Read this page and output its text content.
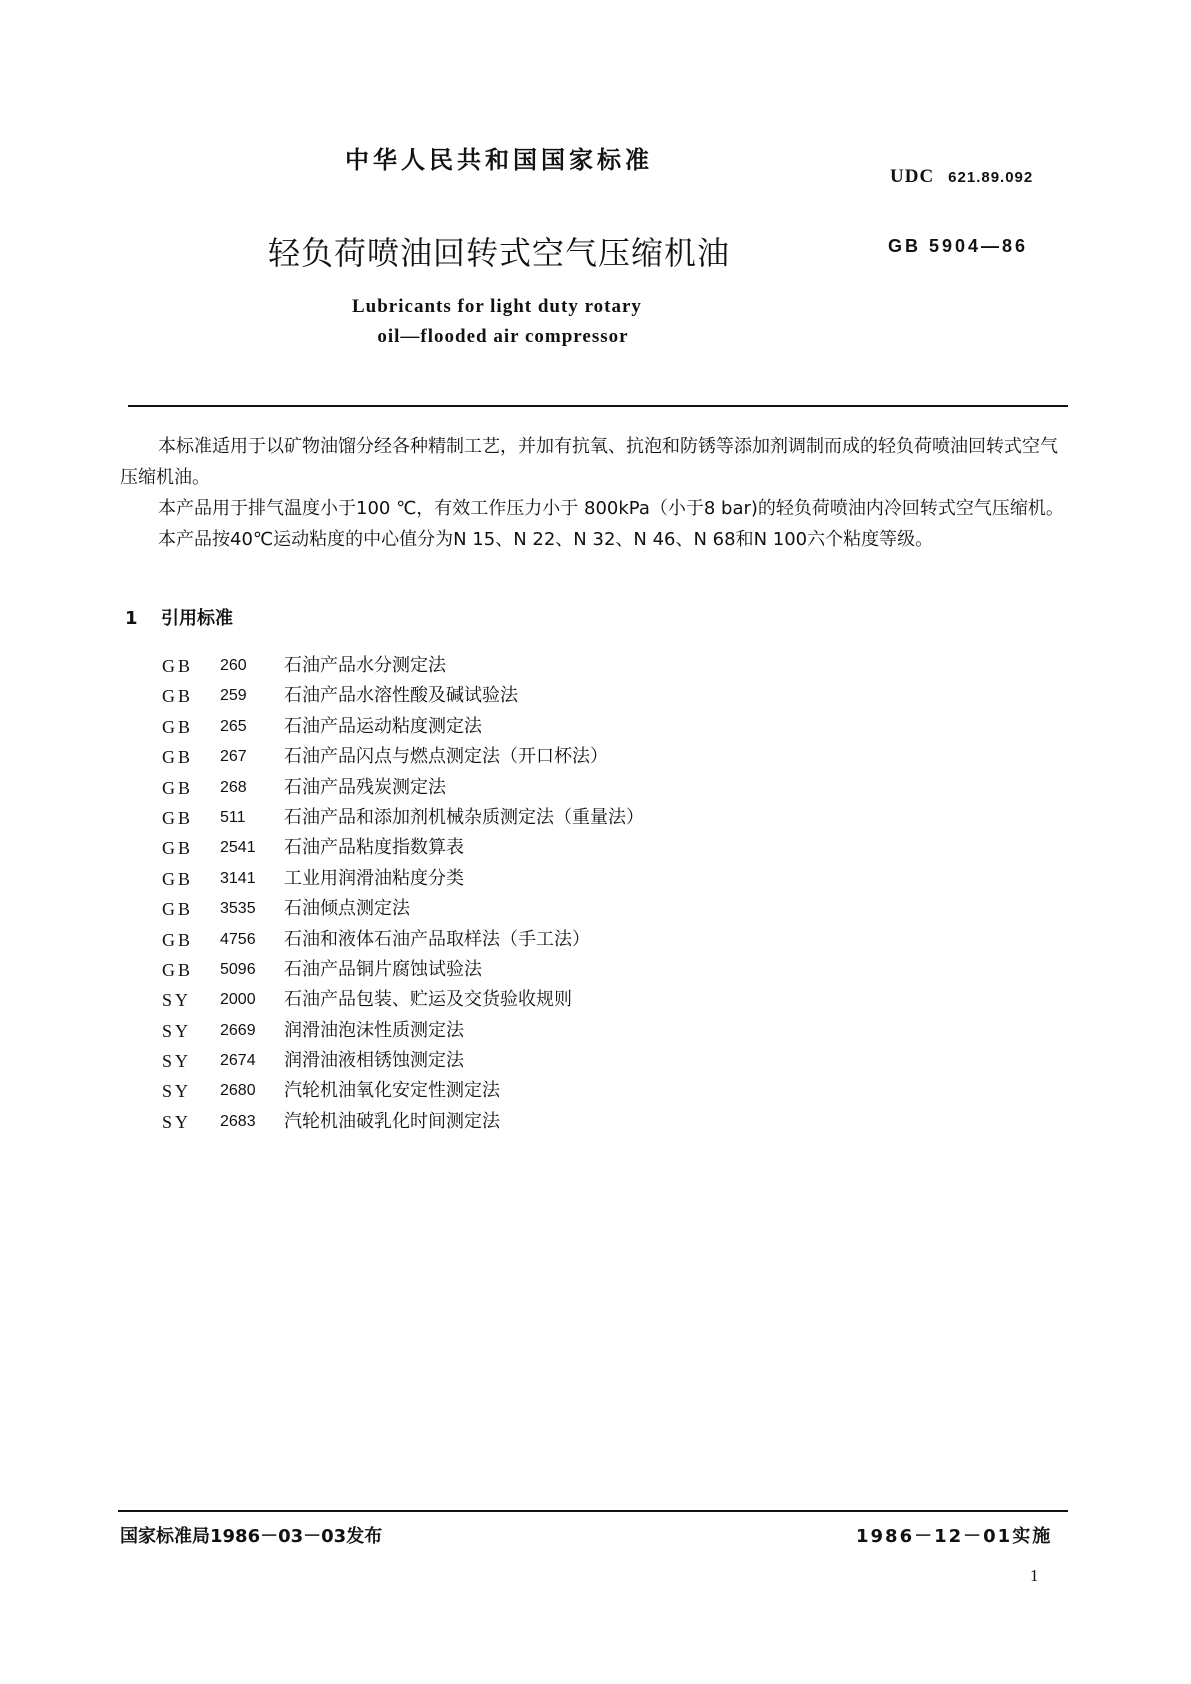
中华人民共和国国家标准
UDC 621.89.092
轻负荷喷油回转式空气压缩机油	GB 5904—86
Lubricants for light duty rotary
oil—flooded air compressor

本标准适用于以矿物油馏分经各种精制工艺，并加有抗氧、抗泡和防锈等添加剂调制而成的轻负荷喷油回转式空气压缩机油。

本产品用于排气温度小于100 ℃，有效工作压力小于 800kPa（小于8 bar)的轻负荷喷油内冷回转式空气压缩机。

本产品按40℃运动粘度的中心值分为N 15、N 22、N 32、N 46、N 68和N 100六个粘度等级。

1 引用标准
GB	260	石油产品水分测定法
GB	259	石油产品水溶性酸及碱试验法
GB	265	石油产品运动粘度测定法
GB	267	石油产品闪点与燃点测定法（开口杯法）
GB	268	石油产品残炭测定法
GB	511	石油产品和添加剂机械杂质测定法（重量法）
GB	2541	石油产品粘度指数算表
GB	3141	工业用润滑油粘度分类
GB	3535	石油倾点测定法
GB	4756	石油和液体石油产品取样法（手工法）
GB	5096	石油产品铜片腐蚀试验法
SY	2000	石油产品包装、贮运及交货验收规则
SY	2669	润滑油泡沫性质测定法
SY	2674	润滑油液相锈蚀测定法
SY	2680	汽轮机油氧化安定性测定法
SY	2683	汽轮机油破乳化时间测定法
国家标准局1986－03－03发布	1986－12－01实施
1
